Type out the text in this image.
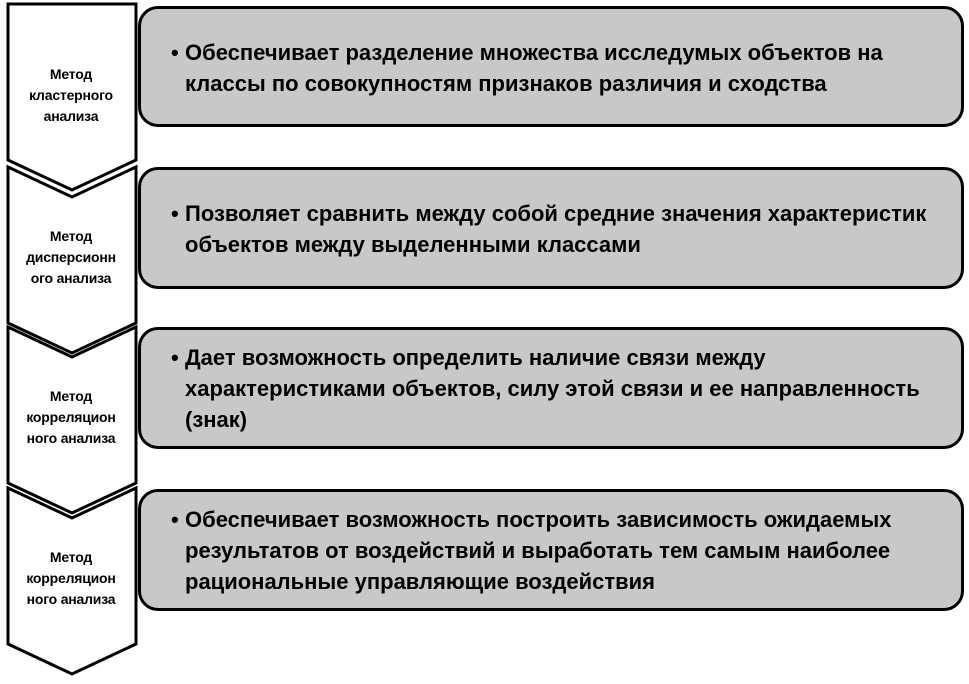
Метод
кластерного
анализа
• Обеспечивает разделение множества исследумых объектов на классы по совокупностям признаков различия и сходства
Метод
дисперсионн
ого анализа
• Позволяет сравнить между собой средние значения характеристик объектов между выделенными классами
Метод
корреляцион
ного анализа
• Дает возможность определить наличие связи между характеристиками объектов, силу этой связи и ее направленность (знак)
Метод
корреляцион
ного анализа
• Обеспечивает возможность построить зависимость ожидаемых результатов от воздействий и выработать тем самым наиболее рациональные управляющие воздействия
